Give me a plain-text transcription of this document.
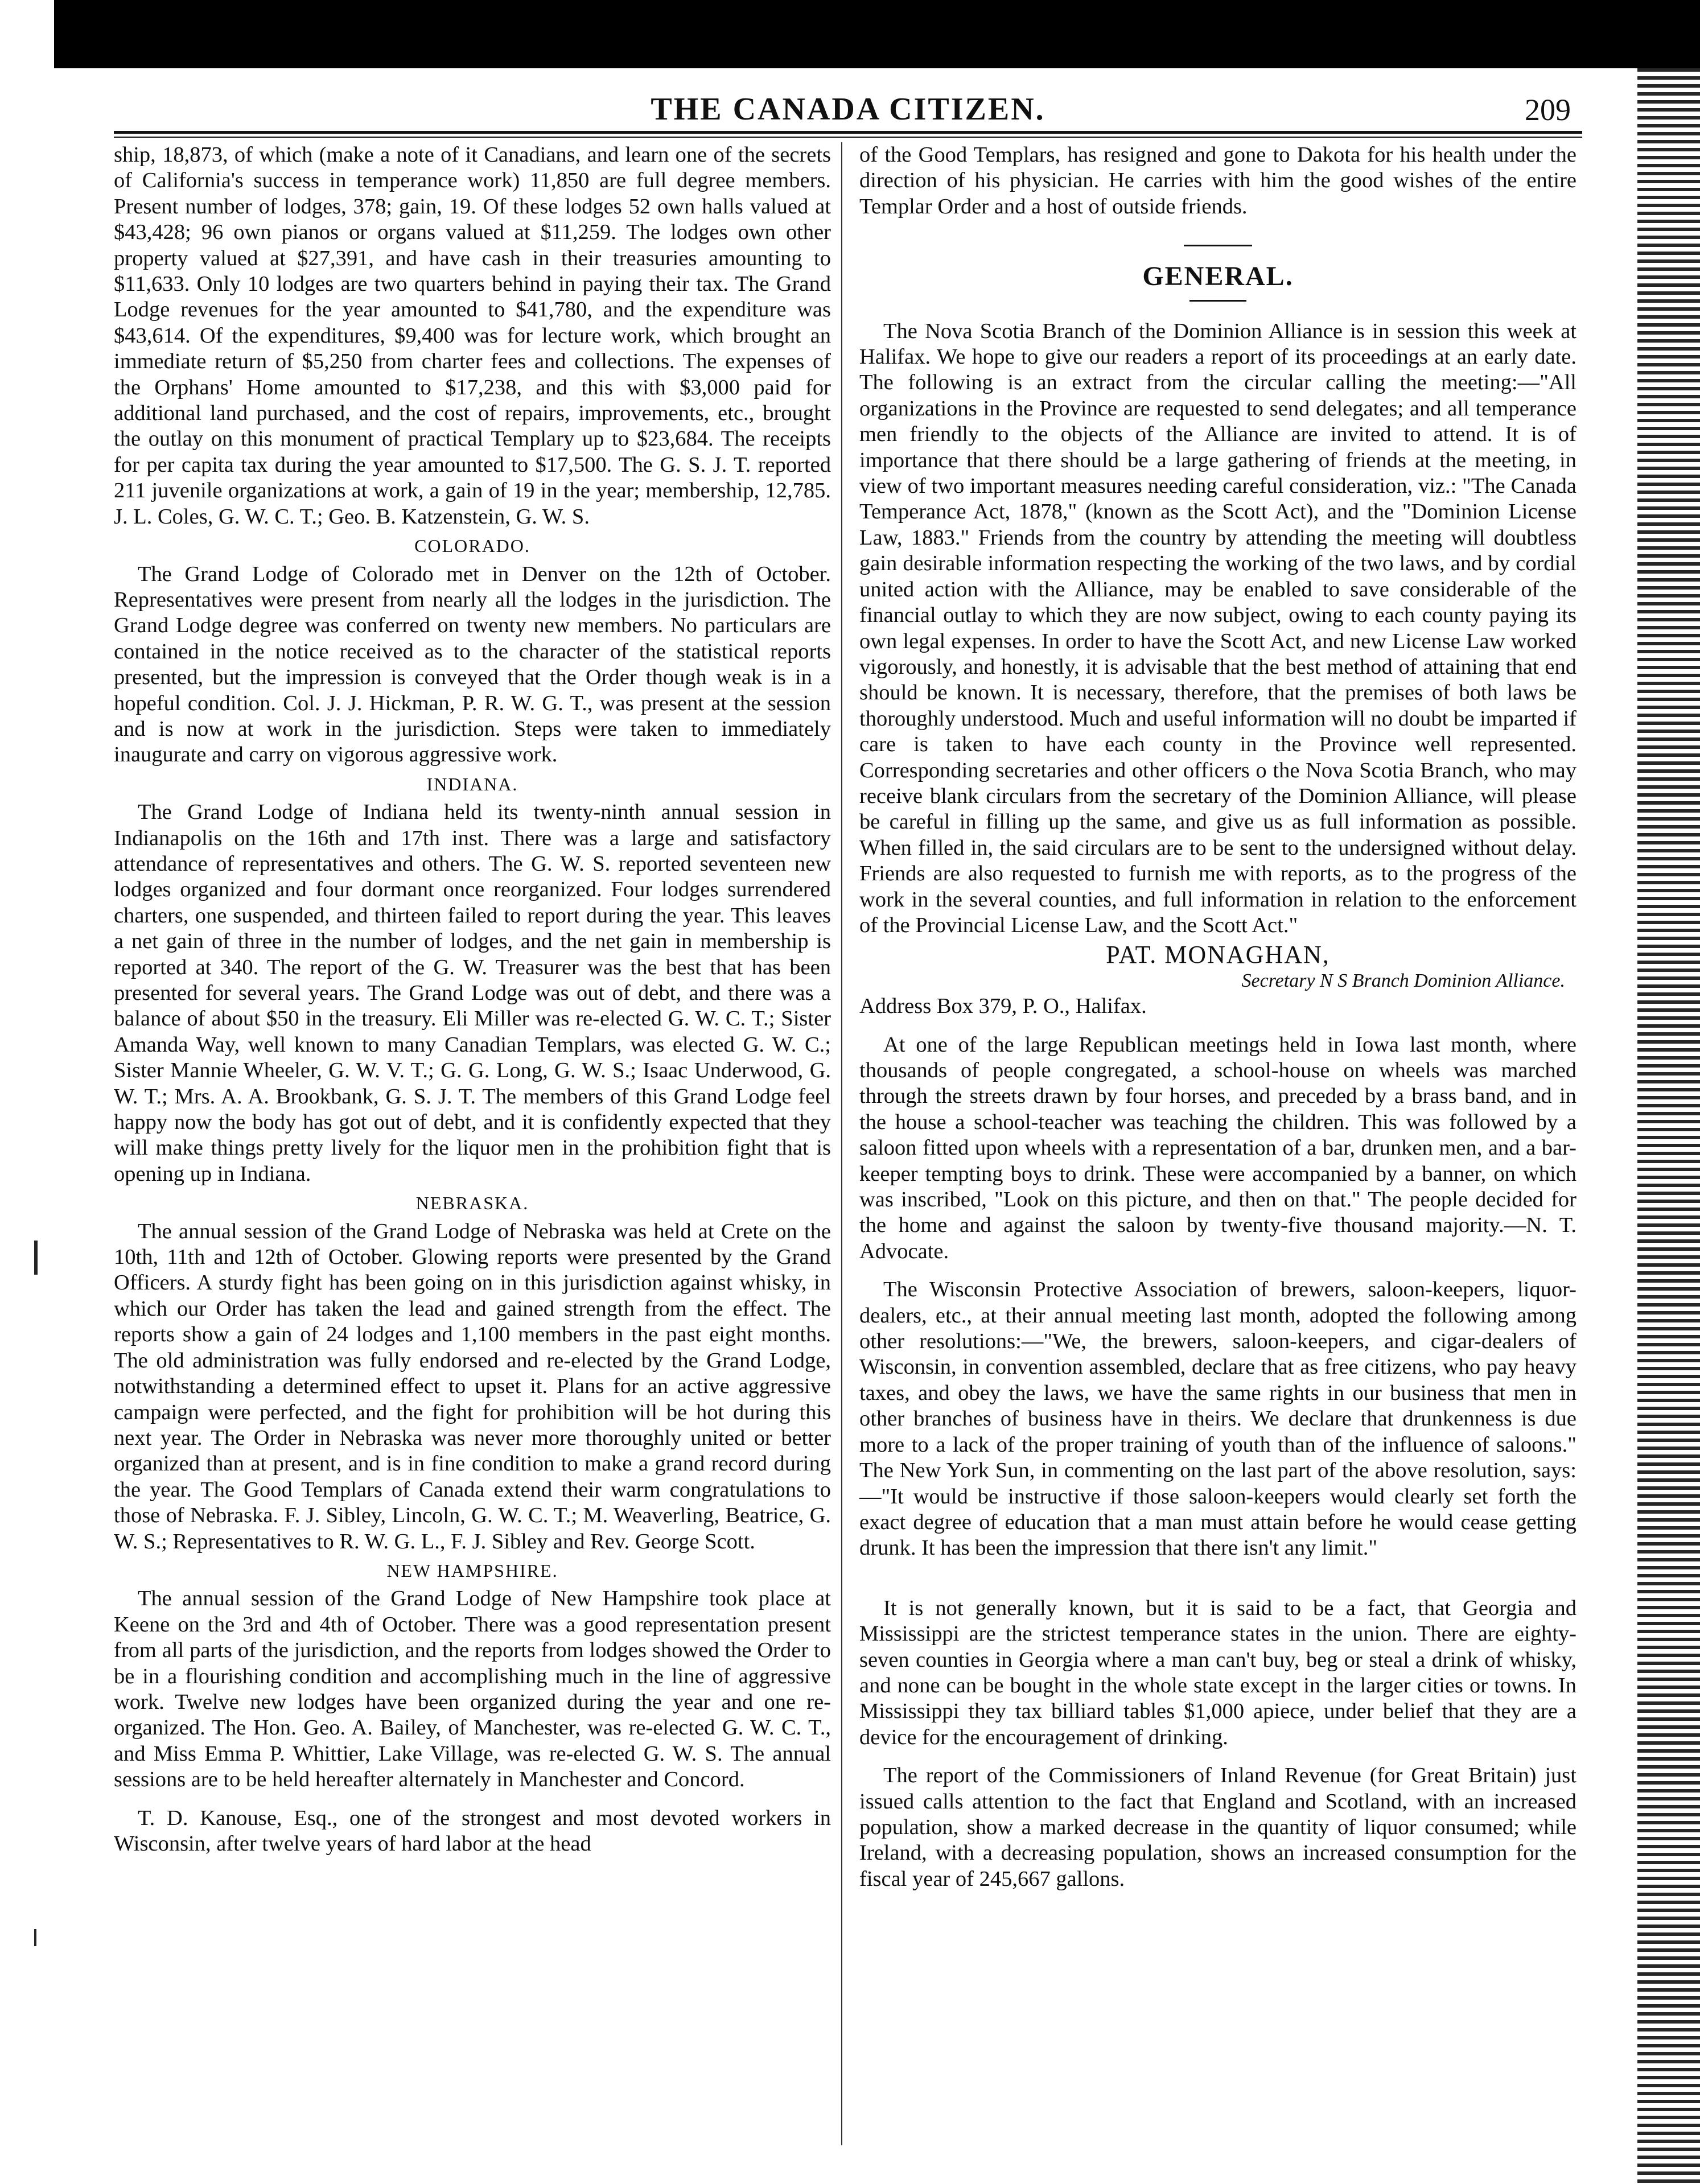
THE CANADA CITIZEN.	209

ship, 18,873, of which (make a note of it Canadians, and learn one of the secrets of California's success in temperance work) 11,850 are full degree members. Present number of lodges, 378; gain, 19. Of these lodges 52 own halls valued at $43,428; 96 own pianos or organs valued at $11,259. The lodges own other property valued at $27,391, and have cash in their treasuries amounting to $11,633. Only 10 lodges are two quarters behind in paying their tax. The Grand Lodge revenues for the year amounted to $41,780, and the expenditure was $43,614. Of the expenditures, $9,400 was for lecture work, which brought an immediate return of $5,250 from charter fees and collections. The expenses of the Orphans' Home amounted to $17,238, and this with $3,000 paid for additional land purchased, and the cost of repairs, improvements, etc., brought the outlay on this monument of practical Templary up to $23,684. The receipts for per capita tax during the year amounted to $17,500. The G. S. J. T. reported 211 juvenile organizations at work, a gain of 19 in the year; membership, 12,785. J. L. Coles, G. W. C. T.; Geo. B. Katzenstein, G. W. S.

COLORADO.

The Grand Lodge of Colorado met in Denver on the 12th of October. Representatives were present from nearly all the lodges in the jurisdiction. The Grand Lodge degree was conferred on twenty new members. No particulars are contained in the notice received as to the character of the statistical reports presented, but the impression is conveyed that the Order though weak is in a hopeful condition. Col. J. J. Hickman, P. R. W. G. T., was present at the session and is now at work in the jurisdiction. Steps were taken to immediately inaugurate and carry on vigorous aggressive work.

INDIANA.

The Grand Lodge of Indiana held its twenty-ninth annual session in Indianapolis on the 16th and 17th inst. There was a large and satisfactory attendance of representatives and others. The G. W. S. reported seventeen new lodges organized and four dormant once reorganized. Four lodges surrendered charters, one suspended, and thirteen failed to report during the year. This leaves a net gain of three in the number of lodges, and the net gain in membership is reported at 340. The report of the G. W. Treasurer was the best that has been presented for several years. The Grand Lodge was out of debt, and there was a balance of about $50 in the treasury. Eli Miller was re-elected G. W. C. T.; Sister Amanda Way, well known to many Canadian Templars, was elected G. W. C.; Sister Mannie Wheeler, G. W. V. T.; G. G. Long, G. W. S.; Isaac Underwood, G. W. T.; Mrs. A. A. Brookbank, G. S. J. T. The members of this Grand Lodge feel happy now the body has got out of debt, and it is confidently expected that they will make things pretty lively for the liquor men in the prohibition fight that is opening up in Indiana.

NEBRASKA.

The annual session of the Grand Lodge of Nebraska was held at Crete on the 10th, 11th and 12th of October. Glowing reports were presented by the Grand Officers. A sturdy fight has been going on in this jurisdiction against whisky, in which our Order has taken the lead and gained strength from the effect. The reports show a gain of 24 lodges and 1,100 members in the past eight months. The old administration was fully endorsed and re-elected by the Grand Lodge, notwithstanding a determined effect to upset it. Plans for an active aggressive campaign were perfected, and the fight for prohibition will be hot during this next year. The Order in Nebraska was never more thoroughly united or better organized than at present, and is in fine condition to make a grand record during the year. The Good Templars of Canada extend their warm congratulations to those of Nebraska. F. J. Sibley, Lincoln, G. W. C. T.; M. Weaverling, Beatrice, G. W. S.; Representatives to R. W. G. L., F. J. Sibley and Rev. George Scott.

NEW HAMPSHIRE.

The annual session of the Grand Lodge of New Hampshire took place at Keene on the 3rd and 4th of October. There was a good representation present from all parts of the jurisdiction, and the reports from lodges showed the Order to be in a flourishing condition and accomplishing much in the line of aggressive work. Twelve new lodges have been organized during the year and one re-organized. The Hon. Geo. A. Bailey, of Manchester, was re-elected G. W. C. T., and Miss Emma P. Whittier, Lake Village, was re-elected G. W. S. The annual sessions are to be held hereafter alternately in Manchester and Concord.

T. D. Kanouse, Esq., one of the strongest and most devoted workers in Wisconsin, after twelve years of hard labor at the head

of the Good Templars, has resigned and gone to Dakota for his health under the direction of his physician. He carries with him the good wishes of the entire Templar Order and a host of outside friends.

GENERAL.

The Nova Scotia Branch of the Dominion Alliance is in session this week at Halifax. We hope to give our readers a report of its proceedings at an early date. The following is an extract from the circular calling the meeting:—"All organizations in the Province are requested to send delegates; and all temperance men friendly to the objects of the Alliance are invited to attend. It is of importance that there should be a large gathering of friends at the meeting, in view of two important measures needing careful consideration, viz.: "The Canada Temperance Act, 1878," (known as the Scott Act), and the "Dominion License Law, 1883." Friends from the country by attending the meeting will doubtless gain desirable information respecting the working of the two laws, and by cordial united action with the Alliance, may be enabled to save considerable of the financial outlay to which they are now subject, owing to each county paying its own legal expenses. In order to have the Scott Act, and new License Law worked vigorously, and honestly, it is advisable that the best method of attaining that end should be known. It is necessary, therefore, that the premises of both laws be thoroughly understood. Much and useful information will no doubt be imparted if care is taken to have each county in the Province well represented. Corresponding secretaries and other officers o the Nova Scotia Branch, who may receive blank circulars from the secretary of the Dominion Alliance, will please be careful in filling up the same, and give us as full information as possible. When filled in, the said circulars are to be sent to the undersigned without delay. Friends are also requested to furnish me with reports, as to the progress of the work in the several counties, and full information in relation to the enforcement of the Provincial License Law, and the Scott Act."

PAT. MONAGHAN,
Secretary N S Branch Dominion Alliance.

Address Box 379, P. O., Halifax.

At one of the large Republican meetings held in Iowa last month, where thousands of people congregated, a school-house on wheels was marched through the streets drawn by four horses, and preceded by a brass band, and in the house a school-teacher was teaching the children. This was followed by a saloon fitted upon wheels with a representation of a bar, drunken men, and a bar-keeper tempting boys to drink. These were accompanied by a banner, on which was inscribed, "Look on this picture, and then on that." The people decided for the home and against the saloon by twenty-five thousand majority.—N. T. Advocate.

The Wisconsin Protective Association of brewers, saloon-keepers, liquor-dealers, etc., at their annual meeting last month, adopted the following among other resolutions:—"We, the brewers, saloon-keepers, and cigar-dealers of Wisconsin, in convention assembled, declare that as free citizens, who pay heavy taxes, and obey the laws, we have the same rights in our business that men in other branches of business have in theirs. We declare that drunkenness is due more to a lack of the proper training of youth than of the influence of saloons." The New York Sun, in commenting on the last part of the above resolution, says:—"It would be instructive if those saloon-keepers would clearly set forth the exact degree of education that a man must attain before he would cease getting drunk. It has been the impression that there isn't any limit."

It is not generally known, but it is said to be a fact, that Georgia and Mississippi are the strictest temperance states in the union. There are eighty-seven counties in Georgia where a man can't buy, beg or steal a drink of whisky, and none can be bought in the whole state except in the larger cities or towns. In Mississippi they tax billiard tables $1,000 apiece, under belief that they are a device for the encouragement of drinking.

The report of the Commissioners of Inland Revenue (for Great Britain) just issued calls attention to the fact that England and Scotland, with an increased population, show a marked decrease in the quantity of liquor consumed; while Ireland, with a decreasing population, shows an increased consumption for the fiscal year of 245,667 gallons.
